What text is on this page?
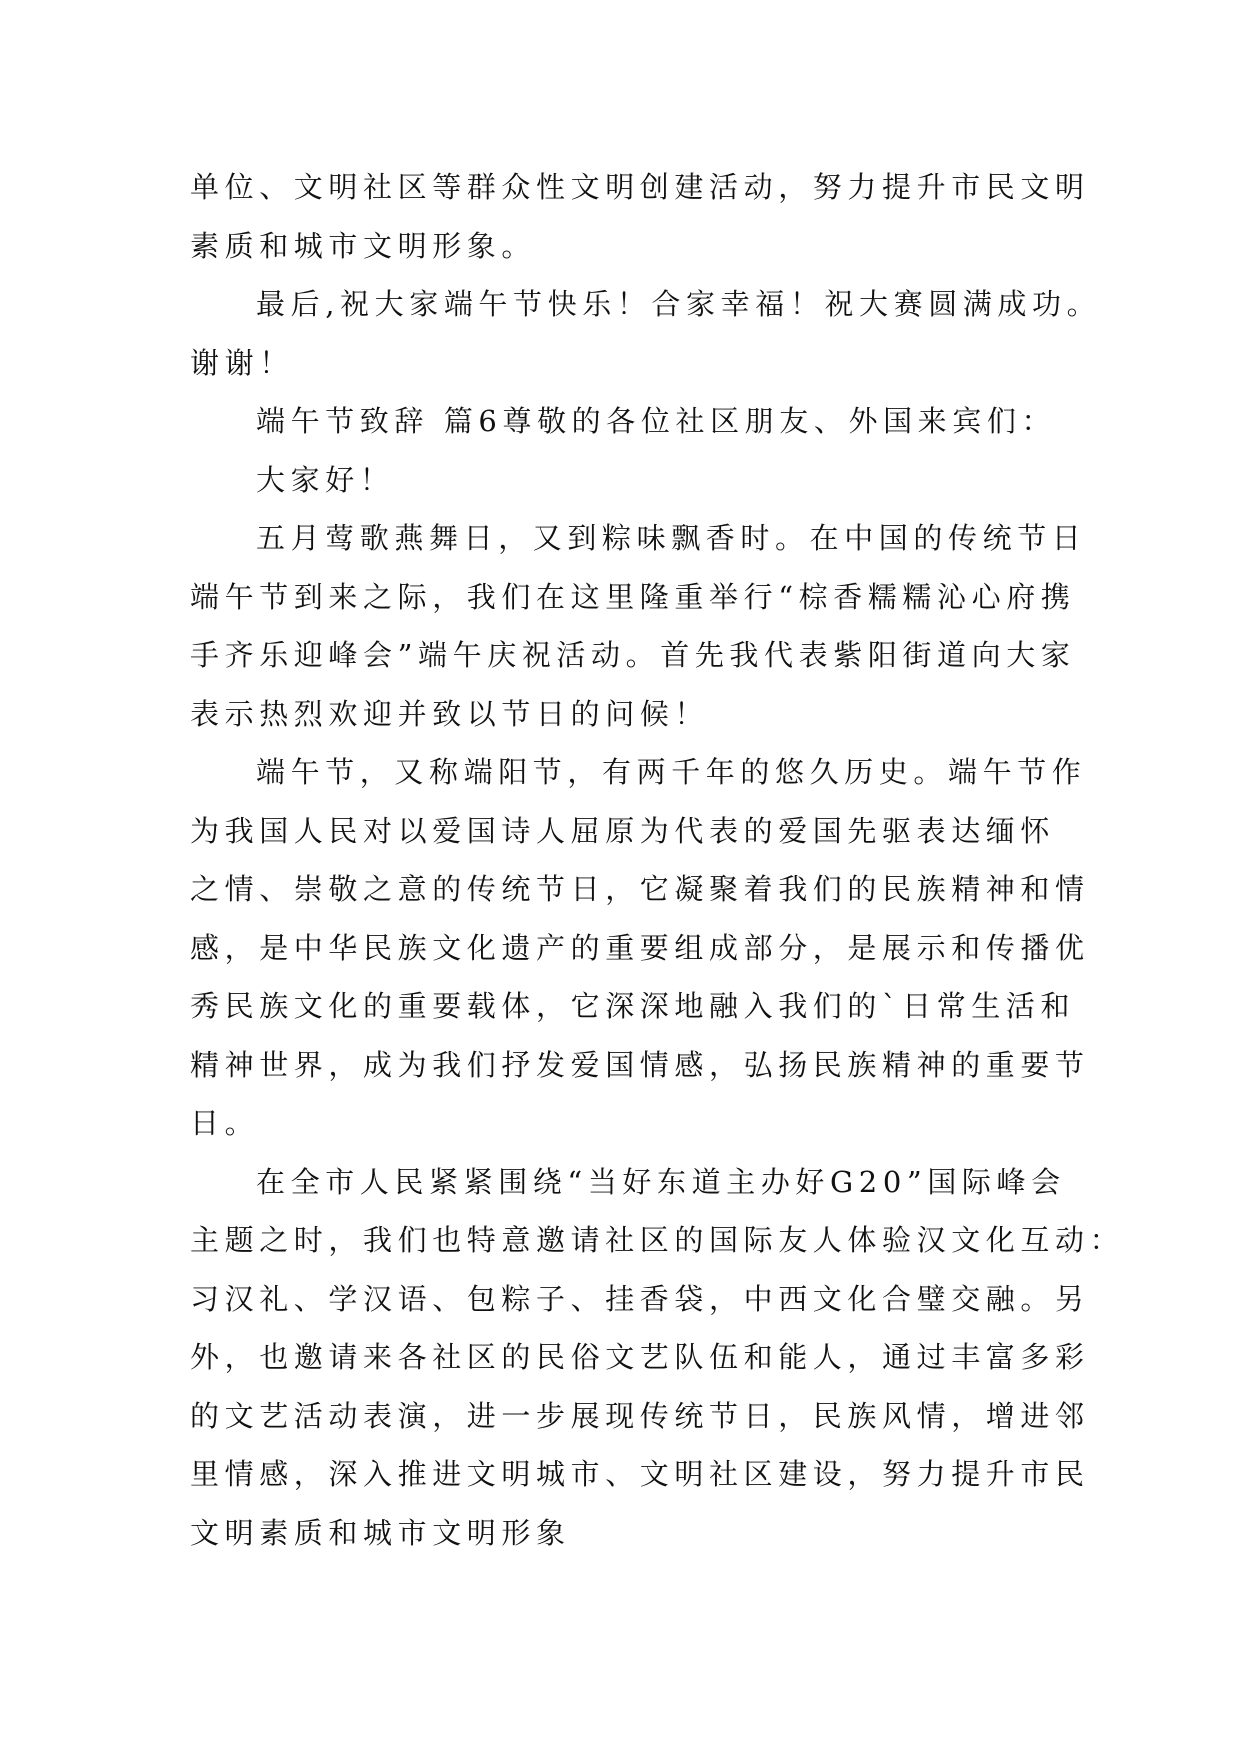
单位、文明社区等群众性文明创建活动，努力提升市民文明
素质和城市文明形象。
最后,祝大家端午节快乐！合家幸福！祝大赛圆满成功。
谢谢！
端午节致辞 篇6尊敬的各位社区朋友、外国来宾们：
大家好！
五月莺歌燕舞日，又到粽味飘香时。在中国的传统节日
端午节到来之际，我们在这里隆重举行“棕香糯糯沁心府携
手齐乐迎峰会”端午庆祝活动。首先我代表紫阳街道向大家
表示热烈欢迎并致以节日的问候！
端午节，又称端阳节，有两千年的悠久历史。端午节作
为我国人民对以爱国诗人屈原为代表的爱国先驱表达缅怀
之情、崇敬之意的传统节日，它凝聚着我们的民族精神和情
感，是中华民族文化遗产的重要组成部分，是展示和传播优
秀民族文化的重要载体，它深深地融入我们的`日常生活和
精神世界，成为我们抒发爱国情感，弘扬民族精神的重要节
日。
在全市人民紧紧围绕“当好东道主办好G20”国际峰会
主题之时，我们也特意邀请社区的国际友人体验汉文化互动：
习汉礼、学汉语、包粽子、挂香袋，中西文化合璧交融。另
外，也邀请来各社区的民俗文艺队伍和能人，通过丰富多彩
的文艺活动表演，进一步展现传统节日，民族风情，增进邻
里情感，深入推进文明城市、文明社区建设，努力提升市民
文明素质和城市文明形象
